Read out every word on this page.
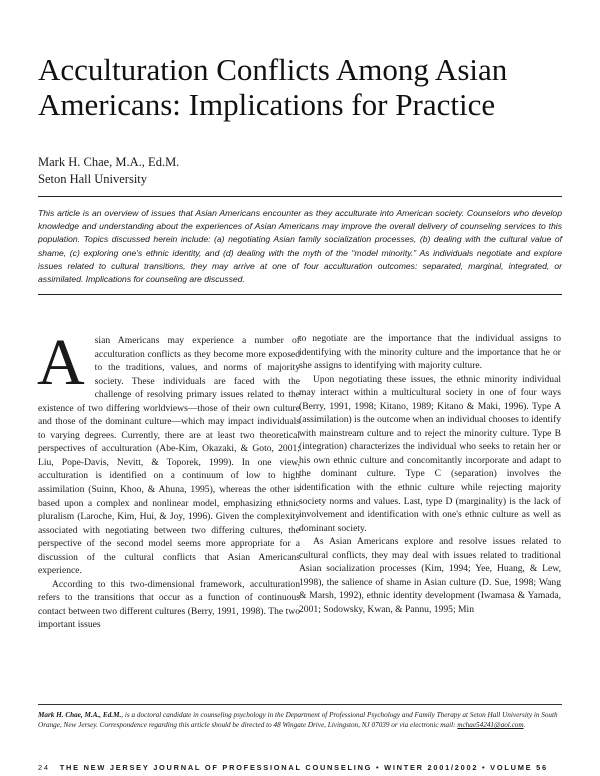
Acculturation Conflicts Among Asian
Americans: Implications for Practice
Mark H. Chae, M.A., Ed.M.
Seton Hall University

This article is an overview of issues that Asian Americans encounter as they acculturate into American society. Counselors who develop knowledge and understanding about the experiences of Asian Americans may improve the overall delivery of counseling services to this population. Topics discussed herein include: (a) negotiating Asian family socialization processes, (b) dealing with the cultural value of shame, (c) exploring one's ethnic identity, and (d) dealing with the myth of the “model minority.” As individuals negotiate and explore issues related to cultural transitions, they may arrive at one of four acculturation outcomes: separated, marginal, integrated, or assimilated. Implications for counseling are discussed.

A sian Americans may experience a number of acculturation conflicts as they become more exposed to the traditions, values, and norms of majority society. These individuals are faced with the challenge of resolving primary issues related to the existence of two differing worldviews—those of their own culture and those of the dominant culture—which may impact individuals to varying degrees. Currently, there are at least two theoretical perspectives of acculturation (Abe-Kim, Okazaki, & Goto, 2001; Liu, Pope-Davis, Nevitt, & Toporek, 1999). In one view, acculturation is identified on a continuum of low to high assimilation (Suinn, Khoo, & Ahuna, 1995), whereas the other is based upon a complex and nonlinear model, emphasizing ethnic pluralism (Laroche, Kim, Hui, & Joy, 1996). Given the complexity associated with negotiating between two differing cultures, the perspective of the second model seems more appropriate for a discussion of the cultural conflicts that Asian Americans experience.

According to this two-dimensional framework, acculturation refers to the transitions that occur as a function of continuous contact between two different cultures (Berry, 1991, 1998). The two important issues

to negotiate are the importance that the individual assigns to identifying with the minority culture and the importance that he or she assigns to identifying with majority culture.

Upon negotiating these issues, the ethnic minority individual may interact within a multicultural society in one of four ways (Berry, 1991, 1998; Kitano, 1989; Kitano & Maki, 1996). Type A (assimilation) is the outcome when an individual chooses to identify with mainstream culture and to reject the minority culture. Type B (integration) characterizes the individual who seeks to retain her or his own ethnic culture and concomitantly incorporate and adapt to the dominant culture. Type C (separation) involves the identification with the ethnic culture while rejecting majority society norms and values. Last, type D (marginality) is the lack of involvement and identification with one's ethnic culture as well as dominant society.

As Asian Americans explore and resolve issues related to cultural conflicts, they may deal with issues related to traditional Asian socialization processes (Kim, 1994; Yee, Huang, & Lew, 1998), the salience of shame in Asian culture (D. Sue, 1998; Wang & Marsh, 1992), ethnic identity development (Iwamasa & Yamada, 2001; Sodowsky, Kwan, & Pannu, 1995; Min

Mark H. Chae, M.A., Ed.M., is a doctoral candidate in counseling psychology in the Department of Professional Psychology and Family Therapy at Seton Hall University in South Orange, New Jersey. Correspondence regarding this article should be directed to 48 Wingate Drive, Livingston, NJ 07039 or via electronic mail: mchae54241@aol.com.

24 THE NEW JERSEY JOURNAL OF PROFESSIONAL COUNSELING • WINTER 2001/2002 • VOLUME 56
